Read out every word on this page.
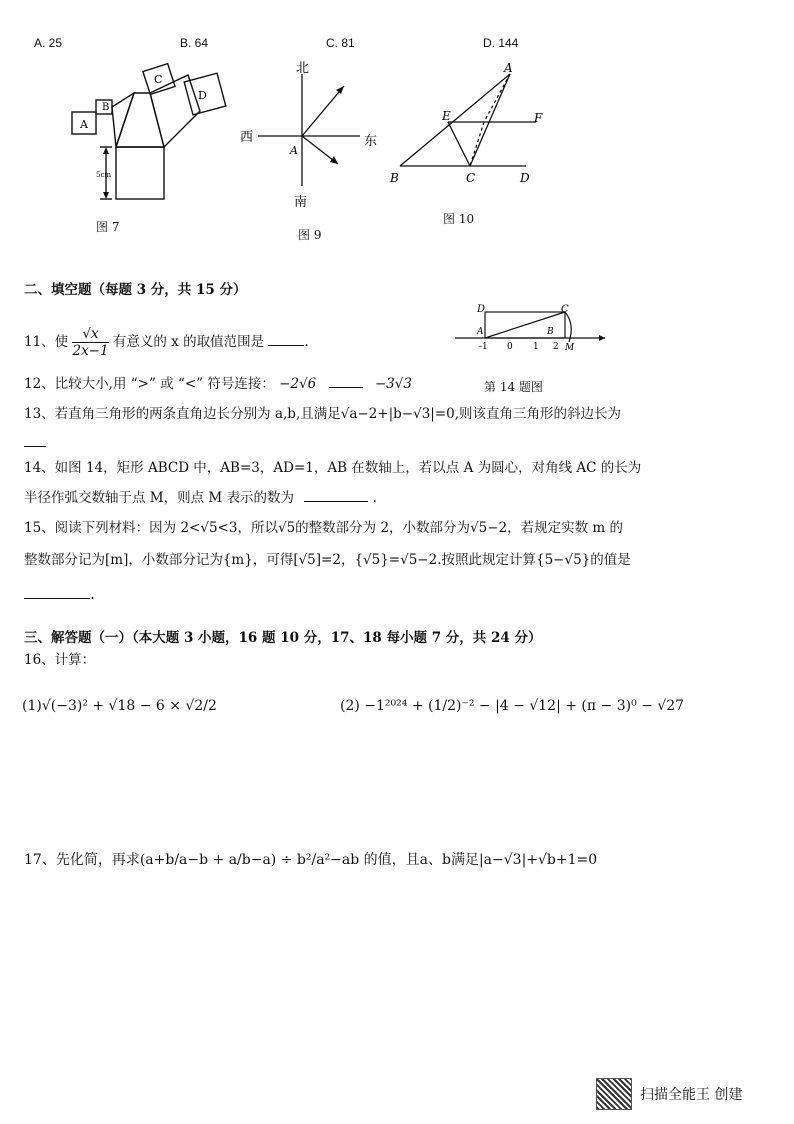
A. 25	B. 64	C. 81	D. 144
B
A
C
D
5cm
图 7
北
南
西	东
A
图 9
A
E	F
B	C	D
图 10
二、填空题（每题 3 分，共 15 分）
11、使 $\frac{√x}{2x-1}$ 有意义的 x 的取值范围是	.
D	C
A	B
M
-1 0 1 2
12、比较大小,用 “>” 或 “<” 符号连接： −2√6	−3√3	第 14 题图
13、若直角三角形的两条直角边长分别为 a,b,且满足√a−2+|b−√3|=0,则该直角三角形的斜边长为
14、如图 14，矩形 ABCD 中，AB=3，AD=1，AB 在数轴上，若以点 A 为圆心，对角线 AC 的长为
半径作弧交数轴于点 M，则点 M 表示的数为	.
15、阅读下列材料：因为 2<√5<3，所以√5的整数部分为 2，小数部分为√5−2，若规定实数 m 的
整数部分记为[m]，小数部分记为{m}，可得[√5]=2，{√5}=√5−2.按照此规定计算{5−√5}的值是
.
三、解答题（一）（本大题 3 小题，16 题 10 分，17、18 每小题 7 分，共 24 分）
16、计算：
(1)√(−3)² + √18 − 6 × √2/2	(2) −1²⁰²⁴ + (1/2)⁻² − |4 − √12| + (π − 3)⁰ − √27
17、先化简，再求(a+b/a−b + a/b−a) ÷ b²/a²−ab 的值，且a、b满足|a−√3|+√b+1=0
扫描全能王 创建
